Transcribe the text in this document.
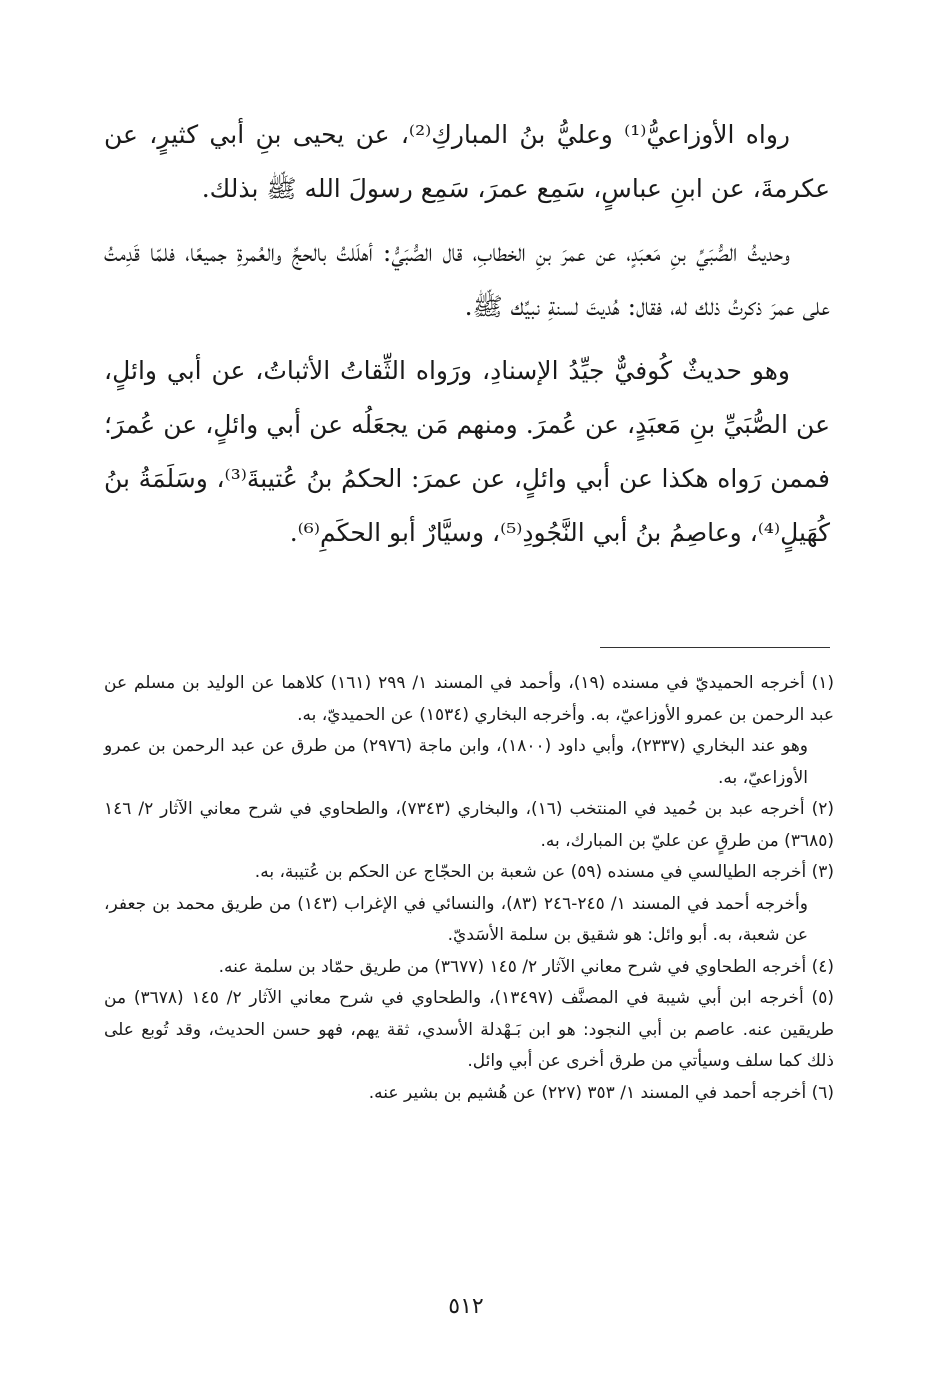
رواه الأوزاعيُّ⁽¹⁾ وعليُّ بنُ المباركِ⁽²⁾، عن يحيى بنِ أبي كثيرٍ، عن عكرمةَ، عن ابنِ عباسٍ، سَمِع عمرَ، سَمِع رسولَ الله ﷺ بذلك.

وحديثُ الصُّبَيِّ بنِ مَعبَدٍ، عن عمرَ بنِ الخطابِ، قال الصُّبَيُّ: أهلَلتُ بالحجِّ والعُمرةِ جميعًا، فلمّا قَدِمتُ على عمرَ ذكرتُ ذلك له، فقال: هُديتَ لسنةِ نبيِّك ﷺ.

وهو حديثٌ كُوفيٌّ جيِّدُ الإسنادِ، ورَواه الثِّقاتُ الأثباتُ، عن أبي وائلٍ، عن الصُّبَيِّ بنِ مَعبَدٍ، عن عُمرَ. ومنهم مَن يجعَلُه عن أبي وائلٍ، عن عُمرَ؛ فممن رَواه هكذا عن أبي وائلٍ، عن عمرَ: الحكمُ بنُ عُتيبةَ⁽³⁾، وسَلَمَةُ بنُ كُهَيلٍ⁽⁴⁾، وعاصِمُ بنُ أبي النَّجُودِ⁽⁵⁾، وسيَّارٌ أبو الحكَمِ⁽⁶⁾.

(١) أخرجه الحميديّ في مسنده (١٩)، وأحمد في المسند ١/ ٢٩٩ (١٦١) كلاهما عن الوليد بن مسلم عن عبد الرحمن بن عمرو الأوزاعيّ، به. وأخرجه البخاري (١٥٣٤) عن الحميديّ، به.

وهو عند البخاري (٢٣٣٧)، وأبي داود (١٨٠٠)، وابن ماجة (٢٩٧٦) من طرق عن عبد الرحمن بن عمرو الأوزاعيّ، به.

(٢) أخرجه عبد بن حُميد في المنتخب (١٦)، والبخاري (٧٣٤٣)، والطحاوي في شرح معاني الآثار ٢/ ١٤٦ (٣٦٨٥) من طرقٍ عن عليّ بن المبارك، به.

(٣) أخرجه الطيالسي في مسنده (٥٩) عن شعبة بن الحجّاج عن الحكم بن عُتيبة، به.

وأخرجه أحمد في المسند ١/ ٢٤٥-٢٤٦ (٨٣)، والنسائي في الإغراب (١٤٣) من طريق محمد بن جعفر، عن شعبة، به. أبو وائل: هو شقيق بن سلمة الأسَديّ.

(٤) أخرجه الطحاوي في شرح معاني الآثار ٢/ ١٤٥ (٣٦٧٧) من طريق حمّاد بن سلمة عنه.

(٥) أخرجه ابن أبي شيبة في المصنَّف (١٣٤٩٧)، والطحاوي في شرح معاني الآثار ٢/ ١٤٥ (٣٦٧٨) من طريقين عنه. عاصم بن أبي النجود: هو ابن بَـهْدلة الأسدي، ثقة يهم، فهو حسن الحديث، وقد تُوبع على ذلك كما سلف وسيأتي من طرق أخرى عن أبي وائل.

(٦) أخرجه أحمد في المسند ١/ ٣٥٣ (٢٢٧) عن هُشيم بن بشير عنه.

٥١٢
